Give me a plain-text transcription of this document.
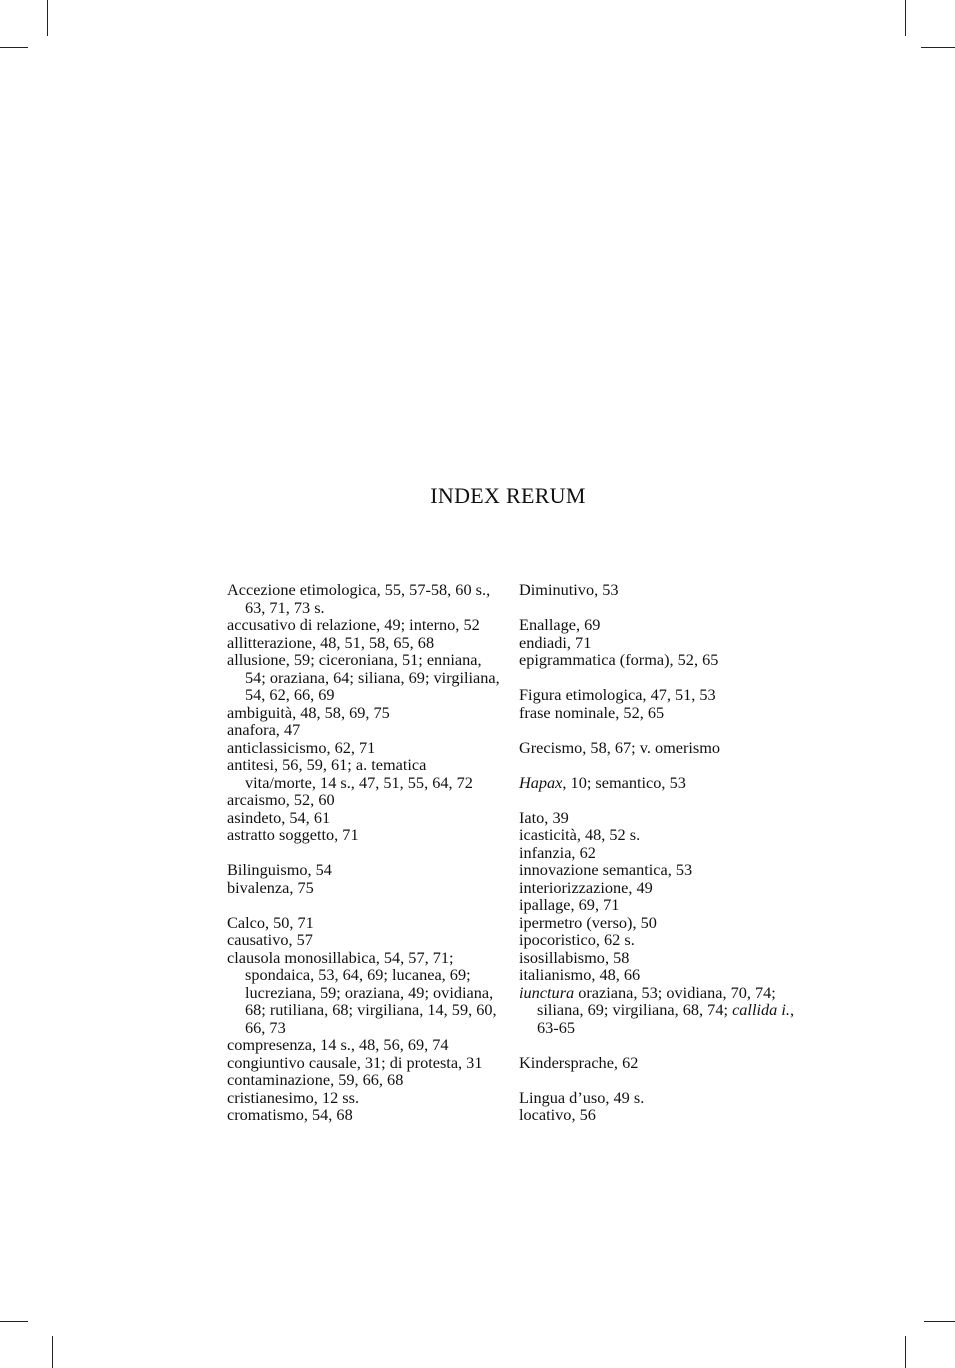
INDEX RERUM

Accezione etimologica, 55, 57-58, 60 s., 63, 71, 73 s.

accusativo di relazione, 49; interno, 52

allitterazione, 48, 51, 58, 65, 68

allusione, 59; ciceroniana, 51; enniana, 54; oraziana, 64; siliana, 69; virgiliana, 54, 62, 66, 69

ambiguità, 48, 58, 69, 75

anafora, 47

anticlassicismo, 62, 71

antitesi, 56, 59, 61; a. tematica vita/morte, 14 s., 47, 51, 55, 64, 72

arcaismo, 52, 60

asindeto, 54, 61

astratto soggetto, 71

Bilinguismo, 54

bivalenza, 75

Calco, 50, 71

causativo, 57

clausola monosillabica, 54, 57, 71; spondaica, 53, 64, 69; lucanea, 69; lucreziana, 59; oraziana, 49; ovidiana, 68; rutiliana, 68; virgiliana, 14, 59, 60, 66, 73

compresenza, 14 s., 48, 56, 69, 74

congiuntivo causale, 31; di protesta, 31

contaminazione, 59, 66, 68

cristianesimo, 12 ss.

cromatismo, 54, 68

Diminutivo, 53

Enallage, 69

endiadi, 71

epigrammatica (forma), 52, 65

Figura etimologica, 47, 51, 53

frase nominale, 52, 65

Grecismo, 58, 67; v. omerismo

Hapax, 10; semantico, 53

Iato, 39

icasticità, 48, 52 s.

infanzia, 62

innovazione semantica, 53

interiorizzazione, 49

ipallage, 69, 71

ipermetro (verso), 50

ipocoristico, 62 s.

isosillabismo, 58

italianismo, 48, 66

iunctura oraziana, 53; ovidiana, 70, 74; siliana, 69; virgiliana, 68, 74; callida i., 63-65

Kindersprache, 62

Lingua d’uso, 49 s.

locativo, 56
